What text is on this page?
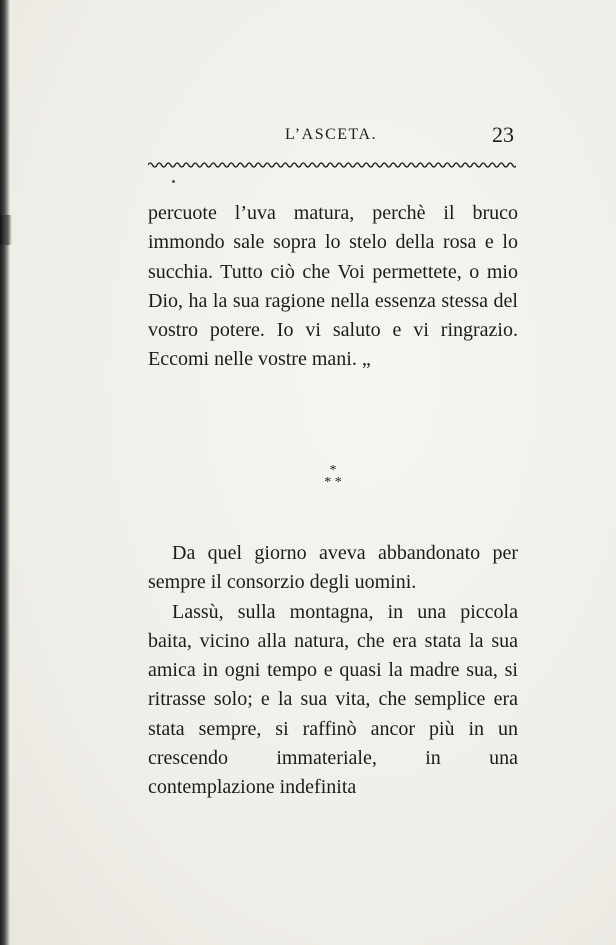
L’ASCETA.	23

percuote l’uva matura, perchè il bruco immondo sale sopra lo stelo della rosa e lo succhia. Tutto ciò che Voi permettete, o mio Dio, ha la sua ragione nella essenza stessa del vostro potere. Io vi saluto e vi ringrazio. Eccomi nelle vostre mani. „

*
* *

Da quel giorno aveva abbandonato per sempre il consorzio degli uomini.

Lassù, sulla montagna, in una piccola baita, vicino alla natura, che era stata la sua amica in ogni tempo e quasi la madre sua, si ritrasse solo; e la sua vita, che semplice era stata sempre, si raffinò ancor più in un crescendo immateriale, in una contemplazione indefinita
